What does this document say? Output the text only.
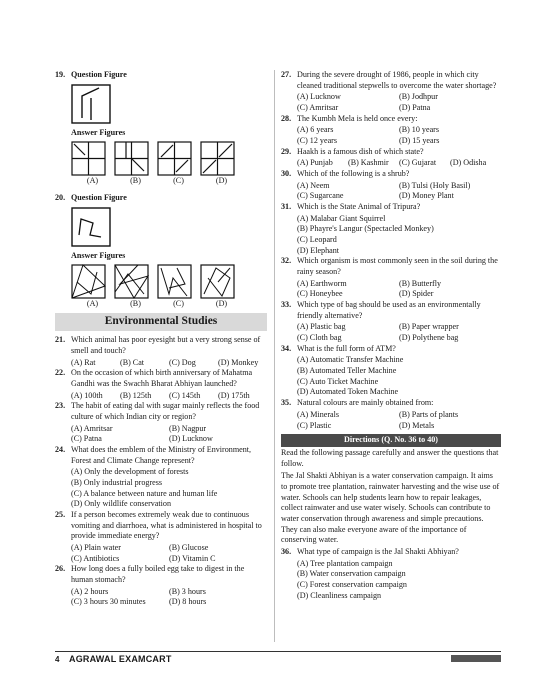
19. Question Figure
Answer Figures
(A)	(B)	(C)	(D)
20. Question Figure
Answer Figures
(A)	(B)	(C)	(D)
Environmental Studies
21. Which animal has poor eyesight but a very strong sense of smell and touch?
(A) Rat	(B) Cat	(C) Dog	(D) Monkey
22. On the occasion of which birth anniversary of Mahatma Gandhi was the Swachh Bharat Abhiyan launched?
(A) 100th	(B) 125th	(C) 145th	(D) 175th
23. The habit of eating dal with sugar mainly reflects the food culture of which Indian city or region?
(A) Amritsar	(B) Nagpur
(C) Patna	(D) Lucknow
24. What does the emblem of the Ministry of Environment, Forest and Climate Change represent?
(A) Only the development of forests
(B) Only industrial progress
(C) A balance between nature and human life
(D) Only wildlife conservation
25. If a person becomes extremely weak due to continuous vomiting and diarrhoea, what is administered in hospital to provide immediate energy?
(A) Plain water	(B) Glucose
(C) Antibiotics	(D) Vitamin C
26. How long does a fully boiled egg take to digest in the human stomach?
(A) 2 hours	(B) 3 hours
(C) 3 hours 30 minutes	(D) 8 hours
27. During the severe drought of 1986, people in which city cleaned traditional stepwells to overcome the water shortage?
(A) Lucknow	(B) Jodhpur
(C) Amritsar	(D) Patna
28. The Kumbh Mela is held once every:
(A) 6 years	(B) 10 years
(C) 12 years	(D) 15 years
29. Haakh is a famous dish of which state?
(A) Punjab	(B) Kashmir	(C) Gujarat	(D) Odisha
30. Which of the following is a shrub?
(A) Neem	(B) Tulsi (Holy Basil)
(C) Sugarcane	(D) Money Plant
31. Which is the State Animal of Tripura?
(A) Malabar Giant Squirrel
(B) Phayre's Langur (Spectacled Monkey)
(C) Leopard
(D) Elephant
32. Which organism is most commonly seen in the soil during the rainy season?
(A) Earthworm	(B) Butterfly
(C) Honeybee	(D) Spider
33. Which type of bag should be used as an environmentally friendly alternative?
(A) Plastic bag	(B) Paper wrapper
(C) Cloth bag	(D) Polythene bag
34. What is the full form of ATM?
(A) Automatic Transfer Machine
(B) Automated Teller Machine
(C) Auto Ticket Machine
(D) Automated Token Machine
35. Natural colours are mainly obtained from:
(A) Minerals	(B) Parts of plants
(C) Plastic	(D) Metals
Directions (Q. No. 36 to 40)
Read the following passage carefully and answer the questions that follow.
The Jal Shakti Abhiyan is a water conservation campaign. It aims to promote tree plantation, rainwater harvesting and the wise use of water. Schools can help students learn how to repair leakages, collect rainwater and use water wisely. Schools can contribute to water conservation through awareness and simple precautions. They can also make everyone aware of the importance of conserving water.
36. What type of campaign is the Jal Shakti Abhiyan?
(A) Tree plantation campaign
(B) Water conservation campaign
(C) Forest conservation campaign
(D) Cleanliness campaign
4 AGRAWAL EXAMCART
